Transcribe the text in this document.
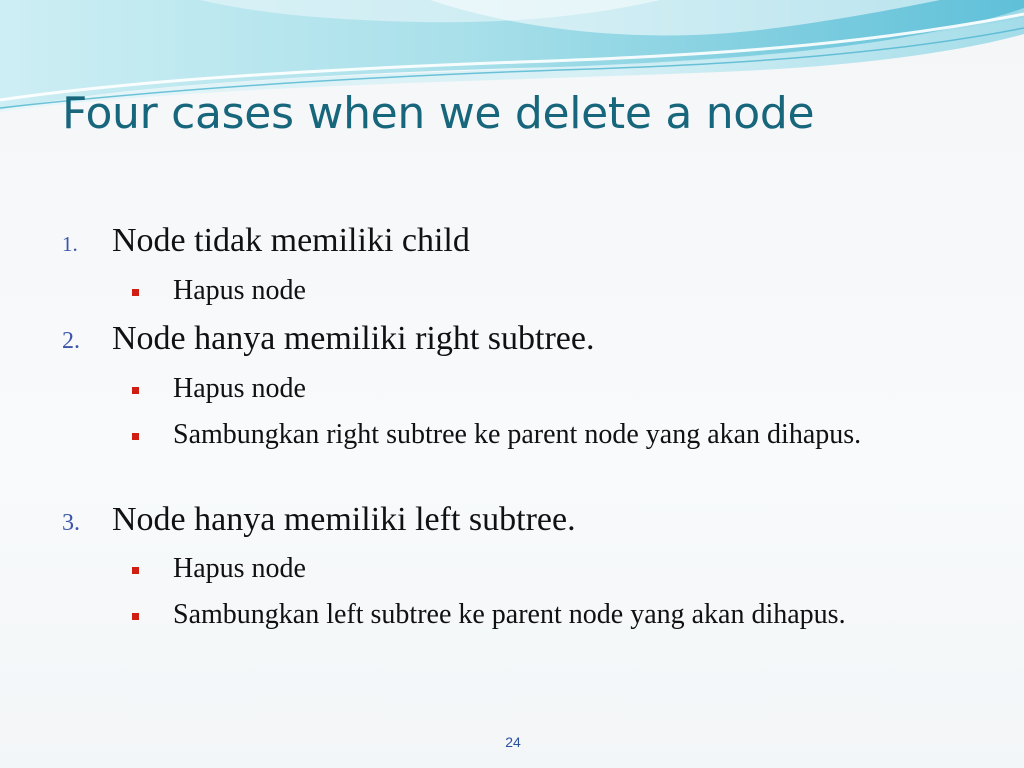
Four cases when we delete a node
1. Node tidak memiliki child
Hapus node
2. Node hanya memiliki right subtree.
Hapus node
Sambungkan right subtree ke parent node yang akan dihapus.
3. Node hanya memiliki left subtree.
Hapus node
Sambungkan left subtree ke parent node yang akan dihapus.
24
